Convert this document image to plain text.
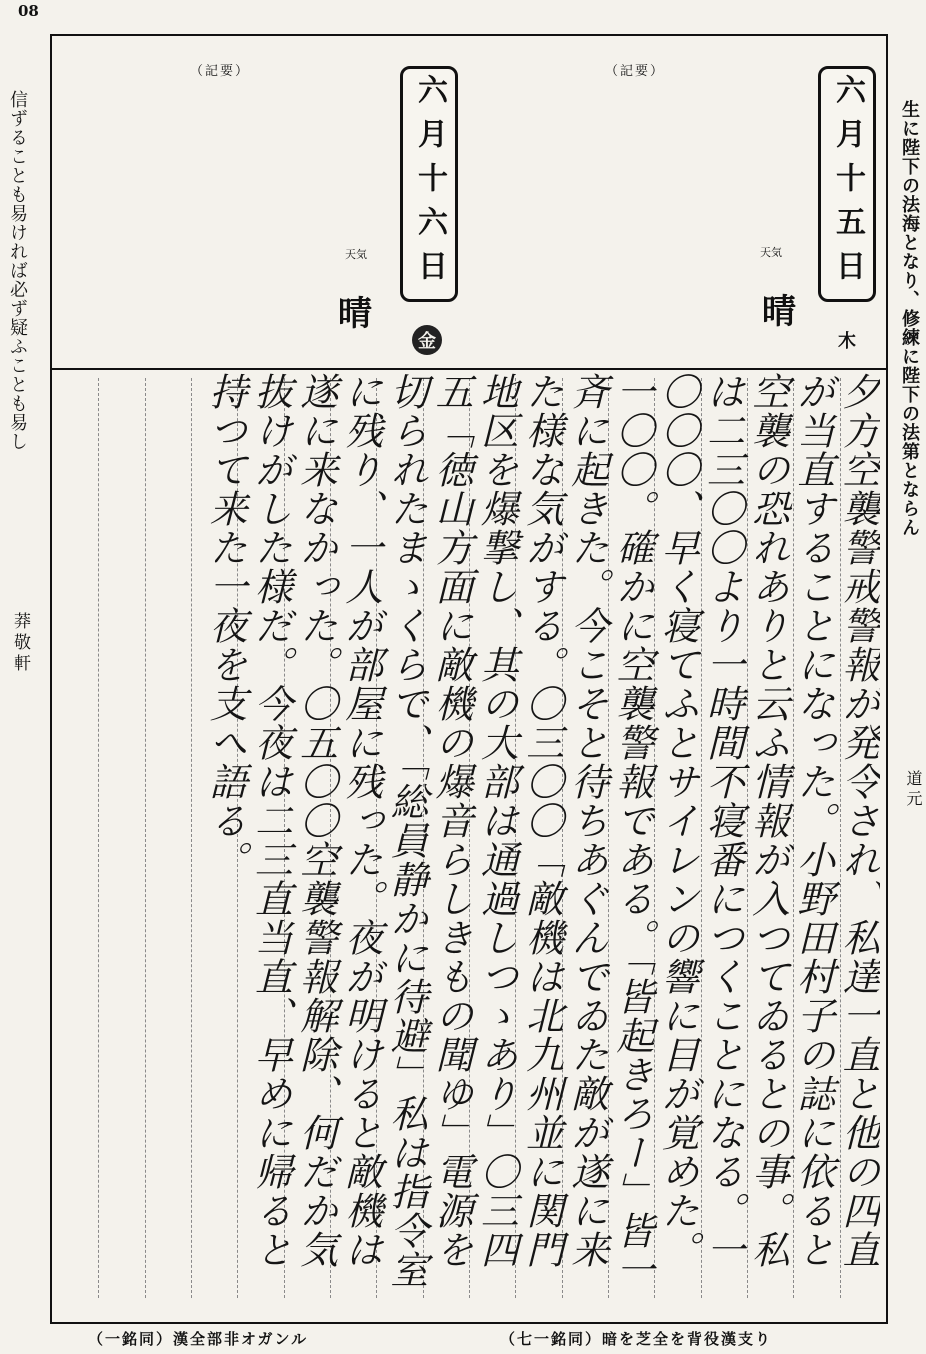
08
信ずることも易ければ必ず疑ふことも易し
莽敬軒
生に陛下の法海となり、修練に陛下の法第とならん
道元
（記要）	（記要）
六月十六日	六月十五日
天気
晴
天気
晴
金	木
夕方空襲警戒警報が発令され、私達一直と他の四直が当直することになった。小野田村子の誌に依ると空襲の恐れありと云ふ情報が入つてゐるとの事。私は二三〇〇より一時間不寝番につくことになる。一〇〇〇、早く寝てふとサイレンの響に目が覚めた。一〇〇。確かに空襲警報である。「皆起きろー」皆一斉に起きた。今こそと待ちあぐんでゐた敵が遂に来た様な気がする。〇三〇〇「敵機は北九州並に関門地区を爆撃し、其の大部は通過しつゝあり」〇三四五「徳山方面に敵機の爆音らしきもの聞ゆ」電源を切られたまゝくらで、「総員静かに待避」私は指令室に残り、一人が部屋に残った。夜が明けると敵機は遂に来なかった。〇五〇〇空襲警報解除、何だか気抜けがした様だ。今夜は二三直当直、早めに帰ると持つて来た一夜を支へ語る。
（一銘同）漢全部非オガンル	（七一銘同）暗を芝全を背役漢支り
